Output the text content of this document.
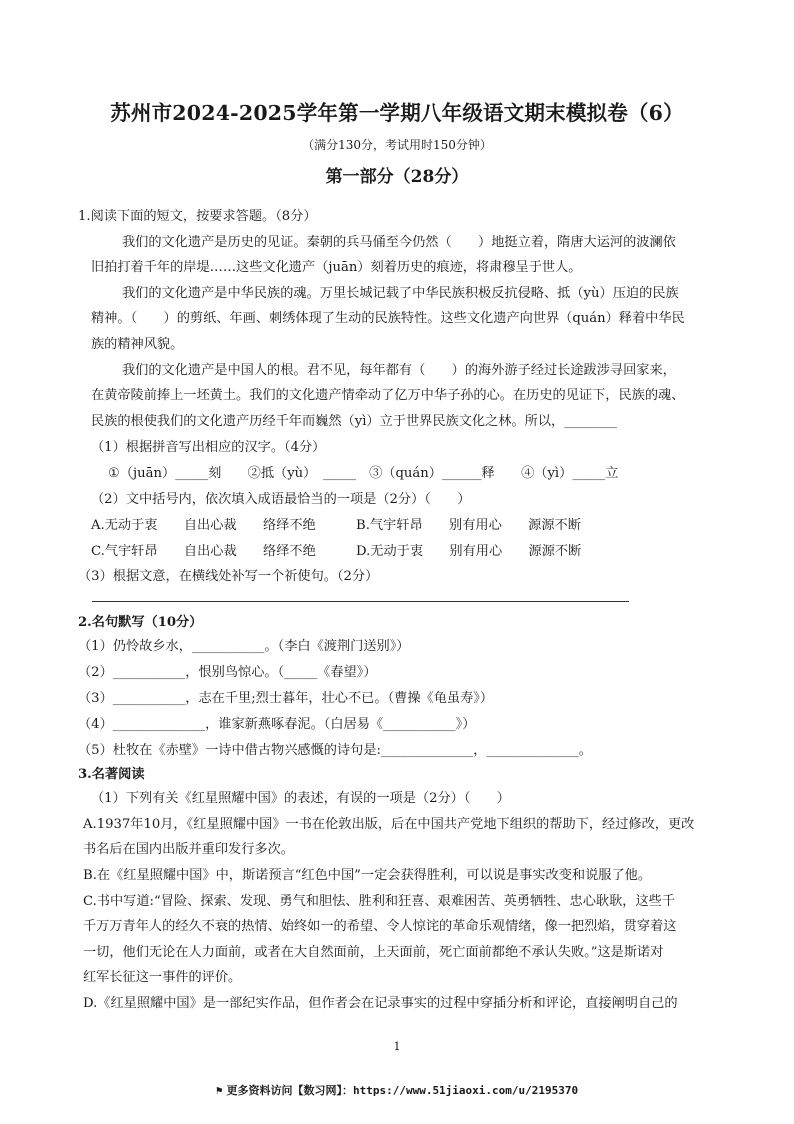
苏州市2024-2025学年第一学期八年级语文期末模拟卷（6）
（满分130分，考试用时150分钟）
第一部分（28分）
1.阅读下面的短文，按要求答题。（8分）
我们的文化遗产是历史的见证。秦朝的兵马俑至今仍然（　　）地挺立着，隋唐大运河的波澜依
旧拍打着千年的岸堤……这些文化遗产（juān）刻着历史的痕迹，将肃穆呈于世人。
我们的文化遗产是中华民族的魂。万里长城记载了中华民族积极反抗侵略、抵（yù）压迫的民族
精神。（　　）的剪纸、年画、刺绣体现了生动的民族特性。这些文化遗产向世界（quán）释着中华民
族的精神风貌。
我们的文化遗产是中国人的根。君不见，每年都有（　　）的海外游子经过长途跋涉寻回家来，
在黄帝陵前捧上一坯黄土。我们的文化遗产情牵动了亿万中华子孙的心。在历史的见证下，民族的魂、
民族的根使我们的文化遗产历经千年而巍然（yì）立于世界民族文化之林。所以，________
（1）根据拼音写出相应的汉字。（4分）
①（juān）_____刻　　②抵（yù）　_____　③（quán）______释　　④（yì）_____立
（2）文中括号内，依次填入成语最恰当的一项是（2分）（　　）
A.无动于衷　　自出心裁　　络绎不绝	B.气宇轩昂　　别有用心　　源源不断
C.气宇轩昂　　自出心裁　　络绎不绝	D.无动于衷　　别有用心　　源源不断
（3）根据文意，在横线处补写一个祈使句。（2分）
2.名句默写（10分）
（1）仍怜故乡水，___________。（李白《渡荆门送别》）
（2）___________，恨别鸟惊心。（_____《春望》）
（3）___________，志在千里;烈士暮年，壮心不已。（曹操《龟虽寿》）
（4）______________，谁家新燕啄春泥。（白居易《___________》）
（5）杜牧在《赤壁》一诗中借古物兴感慨的诗句是:______________，______________。
3.名著阅读
（1）下列有关《红星照耀中国》的表述，有误的一项是（2分）（　　）
A.1937年10月，《红星照耀中国》一书在伦敦出版，后在中国共产党地下组织的帮助下，经过修改，更改
书名后在国内出版并重印发行多次。
B.在《红星照耀中国》中，斯诺预言“红色中国”一定会获得胜利，可以说是事实改变和说服了他。
C.书中写道:“冒险、探索、发现、勇气和胆怯、胜利和狂喜、艰难困苦、英勇牺牲、忠心耿耿，这些千
千万万青年人的经久不衰的热情、始终如一的希望、令人惊诧的革命乐观情绪，像一把烈焰，贯穿着这
一切，他们无论在人力面前，或者在大自然面前，上天面前，死亡面前都绝不承认失败。”这是斯诺对
红军长征这一事件的评价。
D.《红星照耀中国》是一部纪实作品，但作者会在记录事实的过程中穿插分析和评论，直接阐明自己的
1
⚑ 更多资料访问【数习网】：https://www.51jiaoxi.com/u/2195370
